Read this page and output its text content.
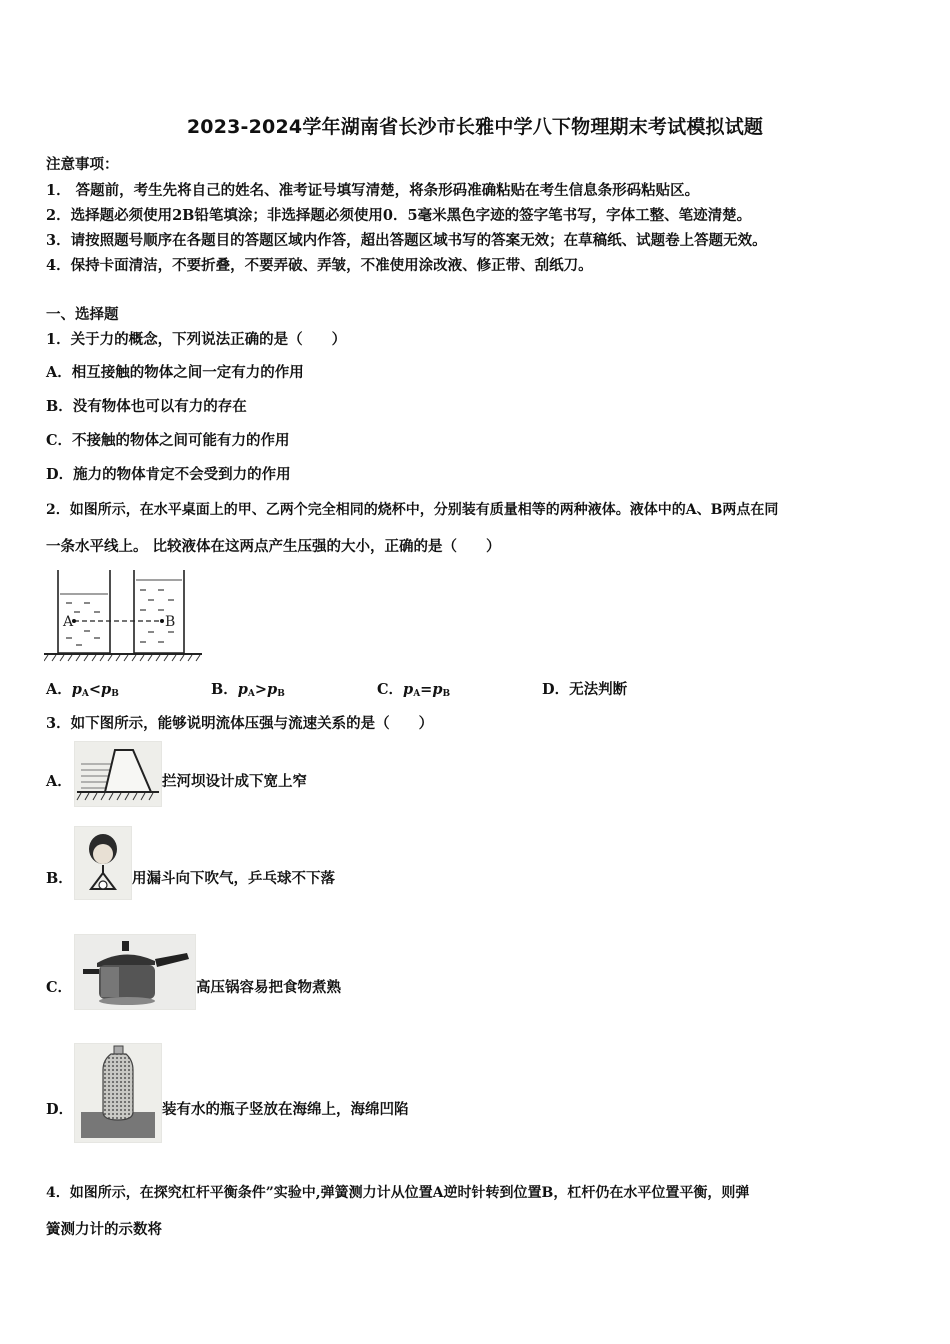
2023-2024学年湖南省长沙市长雅中学八下物理期末考试模拟试题
注意事项：
1． 答题前，考生先将自己的姓名、准考证号填写清楚，将条形码准确粘贴在考生信息条形码粘贴区。
2．选择题必须使用2B铅笔填涂；非选择题必须使用0．5毫米黑色字迹的签字笔书写，字体工整、笔迹清楚。
3．请按照题号顺序在各题目的答题区域内作答，超出答题区域书写的答案无效；在草稿纸、试题卷上答题无效。
4．保持卡面清洁，不要折叠，不要弄破、弄皱，不准使用涂改液、修正带、刮纸刀。
一、选择题
1．关于力的概念，下列说法正确的是（　　）
A．相互接触的物体之间一定有力的作用
B．没有物体也可以有力的存在
C．不接触的物体之间可能有力的作用
D．施力的物体肯定不会受到力的作用
2．如图所示，在水平桌面上的甲、乙两个完全相同的烧杯中，分别装有质量相等的两种液体。液体中的A、B两点在同
一条水平线上。 比较液体在这两点产生压强的大小，正确的是（　　）
A	B
A．$p_A<p_B$	B．$p_A>p_B$	C．$p_A=p_B$	D．无法判断
3．如下图所示，能够说明流体压强与流速关系的是（　　）
A．	拦河坝设计成下宽上窄
B．	用漏斗向下吹气，乒乓球不下落
C．	高压锅容易把食物煮熟
D．	装有水的瓶子竖放在海绵上，海绵凹陷
4．如图所示，在探究杠杆平衡条件”实验中,弹簧测力计从位置A逆时针转到位置B，杠杆仍在水平位置平衡，则弹
簧测力计的示数将
